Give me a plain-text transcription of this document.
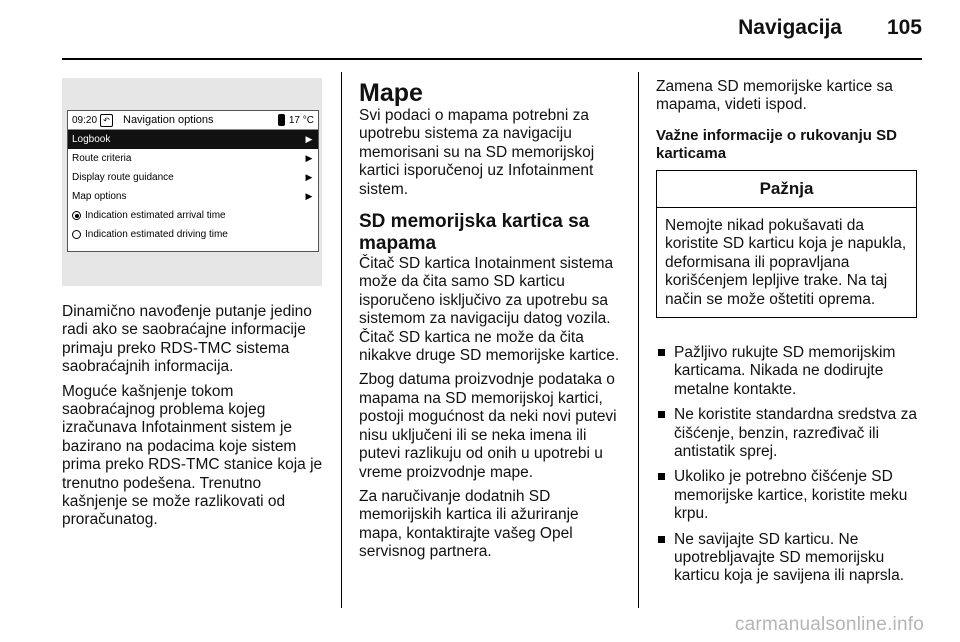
Navigacija 105
09:20 ↶ Navigation options	17 °C
Logbook	▶
Route criteria	▶
Display route guidance	▶
Map options	▶
Indication estimated arrival time
Indication estimated driving time

Dinamično navođenje putanje jedino radi ako se saobraćajne informacije primaju preko RDS-TMC sistema saobraćajnih informacija.

Moguće kašnjenje tokom saobraćajnog problema kojeg izračunava Infotainment sistem je bazirano na podacima koje sistem prima preko RDS-TMC stanice koja je trenutno podešena. Trenutno kašnjenje se može razlikovati od proračunatog.

Mape

Svi podaci o mapama potrebni za upotrebu sistema za navigaciju memorisani su na SD memorijskoj kartici isporučenoj uz Infotainment sistem.

SD memorijska kartica sa mapama

Čitač SD kartica Inotainment sistema može da čita samo SD karticu isporučeno isključivo za upotrebu sa sistemom za navigaciju datog vozila. Čitač SD kartica ne može da čita nikakve druge SD memorijske kartice.

Zbog datuma proizvodnje podataka o mapama na SD memorijskoj kartici, postoji mogućnost da neki novi putevi nisu uključeni ili se neka imena ili putevi razlikuju od onih u upotrebi u vreme proizvodnje mape.

Za naručivanje dodatnih SD memorijskih kartica ili ažuriranje mapa, kontaktirajte vašeg Opel servisnog partnera.

Zamena SD memorijske kartice sa mapama, videti ispod.

Važne informacije o rukovanju SD karticama
Pažnja
Nemojte nikad pokušavati da koristite SD karticu koja je napukla, deformisana ili popravljana korišćenjem lepljive trake. Na taj način se može oštetiti oprema.
Pažljivo rukujte SD memorijskim karticama. Nikada ne dodirujte metalne kontakte.
Ne koristite standardna sredstva za čišćenje, benzin, razređivač ili antistatik sprej.
Ukoliko je potrebno čišćenje SD memorijske kartice, koristite meku krpu.
Ne savijajte SD karticu. Ne upotrebljavajte SD memorijsku karticu koja je savijena ili naprsla.
carmanualsonline.info
